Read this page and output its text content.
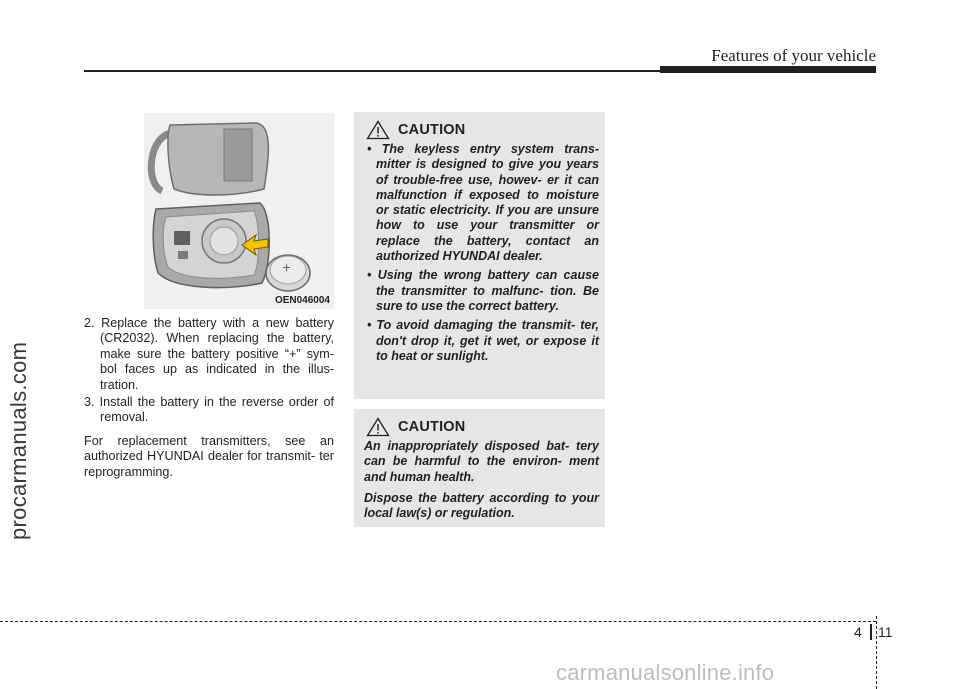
Features of your vehicle
procarmanuals.com
+
OEN046004
2. Replace the battery with a new battery (CR2032). When replacing the battery, make sure the battery positive “+” sym- bol faces up as indicated in the illus- tration.
3. Install the battery in the reverse order of removal.
For replacement transmitters, see an authorized HYUNDAI dealer for transmit- ter reprogramming.
CAUTION
• The keyless entry system trans- mitter is designed to give you years of trouble-free use, howev- er it can malfunction if exposed to moisture or static electricity. If you are unsure how to use your transmitter or replace the battery, contact an authorized HYUNDAI dealer.
• Using the wrong battery can cause the transmitter to malfunc- tion. Be sure to use the correct battery.
• To avoid damaging the transmit- ter, don't drop it, get it wet, or expose it to heat or sunlight.
CAUTION
An inappropriately disposed bat- tery can be harmful to the environ- ment and human health.
Dispose the battery according to your local law(s) or regulation.
4 11
carmanualsonline.info
